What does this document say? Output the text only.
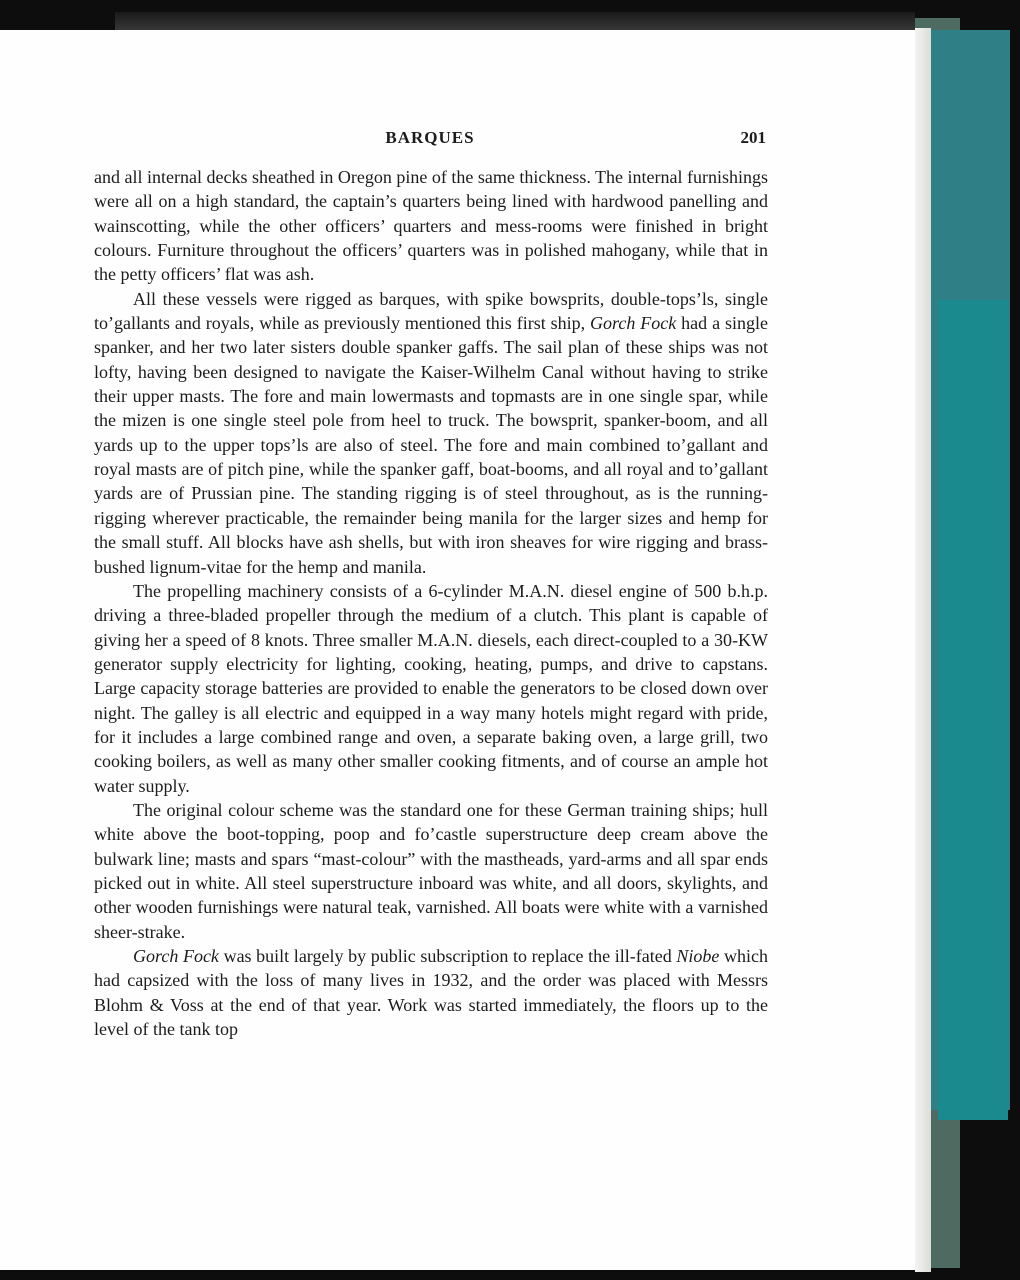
BARQUES	201

and all internal decks sheathed in Oregon pine of the same thickness. The internal furnishings were all on a high standard, the captain’s quarters being lined with hardwood panelling and wainscotting, while the other officers’ quarters and mess-rooms were finished in bright colours. Furniture throughout the officers’ quarters was in polished mahogany, while that in the petty officers’ flat was ash.

All these vessels were rigged as barques, with spike bowsprits, double-tops’ls, single to’gallants and royals, while as previously mentioned this first ship, Gorch Fock had a single spanker, and her two later sisters double spanker gaffs. The sail plan of these ships was not lofty, having been designed to navigate the Kaiser-Wilhelm Canal without having to strike their upper masts. The fore and main lowermasts and topmasts are in one single spar, while the mizen is one single steel pole from heel to truck. The bowsprit, spanker-boom, and all yards up to the upper tops’ls are also of steel. The fore and main combined to’gallant and royal masts are of pitch pine, while the spanker gaff, boat-booms, and all royal and to’gallant yards are of Prussian pine. The standing rigging is of steel throughout, as is the running-rigging wherever practicable, the remainder being manila for the larger sizes and hemp for the small stuff. All blocks have ash shells, but with iron sheaves for wire rigging and brass-bushed lignum-vitae for the hemp and manila.

The propelling machinery consists of a 6-cylinder M.A.N. diesel engine of 500 b.h.p. driving a three-bladed propeller through the medium of a clutch. This plant is capable of giving her a speed of 8 knots. Three smaller M.A.N. diesels, each direct-coupled to a 30-KW generator supply electricity for lighting, cooking, heating, pumps, and drive to capstans. Large capacity storage batteries are provided to enable the generators to be closed down over night. The galley is all electric and equipped in a way many hotels might regard with pride, for it includes a large combined range and oven, a separate baking oven, a large grill, two cooking boilers, as well as many other smaller cooking fitments, and of course an ample hot water supply.

The original colour scheme was the standard one for these German training ships; hull white above the boot-topping, poop and fo’castle superstructure deep cream above the bulwark line; masts and spars “mast-colour” with the mastheads, yard-arms and all spar ends picked out in white. All steel superstructure inboard was white, and all doors, skylights, and other wooden furnishings were natural teak, varnished. All boats were white with a varnished sheer-strake.

Gorch Fock was built largely by public subscription to replace the ill-fated Niobe which had capsized with the loss of many lives in 1932, and the order was placed with Messrs Blohm & Voss at the end of that year. Work was started immediately, the floors up to the level of the tank top
